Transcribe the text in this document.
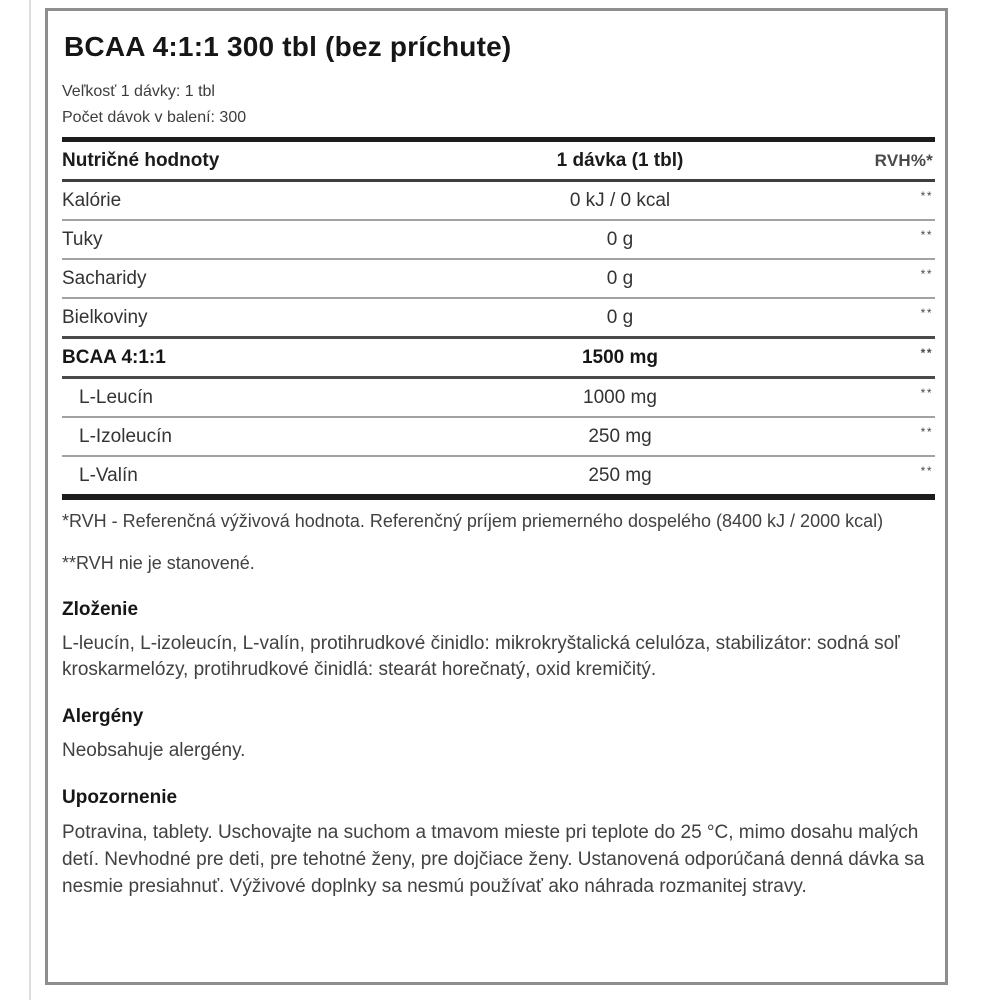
BCAA 4:1:1 300 tbl (bez príchute)

Veľkosť 1 dávky: 1 tbl

Počet dávok v balení: 300

Nutričné hodnoty	1 dávka (1 tbl)	RVH%*
Kalórie	0 kJ / 0 kcal	**
Tuky	0 g	**
Sacharidy	0 g	**
Bielkoviny	0 g	**
BCAA 4:1:1	1500 mg	**
L-Leucín	1000 mg	**
L-Izoleucín	250 mg	**
L-Valín	250 mg	**

*RVH - Referenčná výživová hodnota. Referenčný príjem priemerného dospelého (8400 kJ / 2000 kcal)

**RVH nie je stanovené.

Zloženie

L-leucín, L-izoleucín, L-valín, protihrudkové činidlo: mikrokryštalická celulóza, stabilizátor: sodná soľ kroskarmelózy, protihrudkové činidlá: stearát horečnatý, oxid kremičitý.

Alergény

Neobsahuje alergény.

Upozornenie

Potravina, tablety. Uschovajte na suchom a tmavom mieste pri teplote do 25 °C, mimo dosahu malých detí. Nevhodné pre deti, pre tehotné ženy, pre dojčiace ženy. Ustanovená odporúčaná denná dávka sa nesmie presiahnuť. Výživové doplnky sa nesmú používať ako náhrada rozmanitej stravy.
